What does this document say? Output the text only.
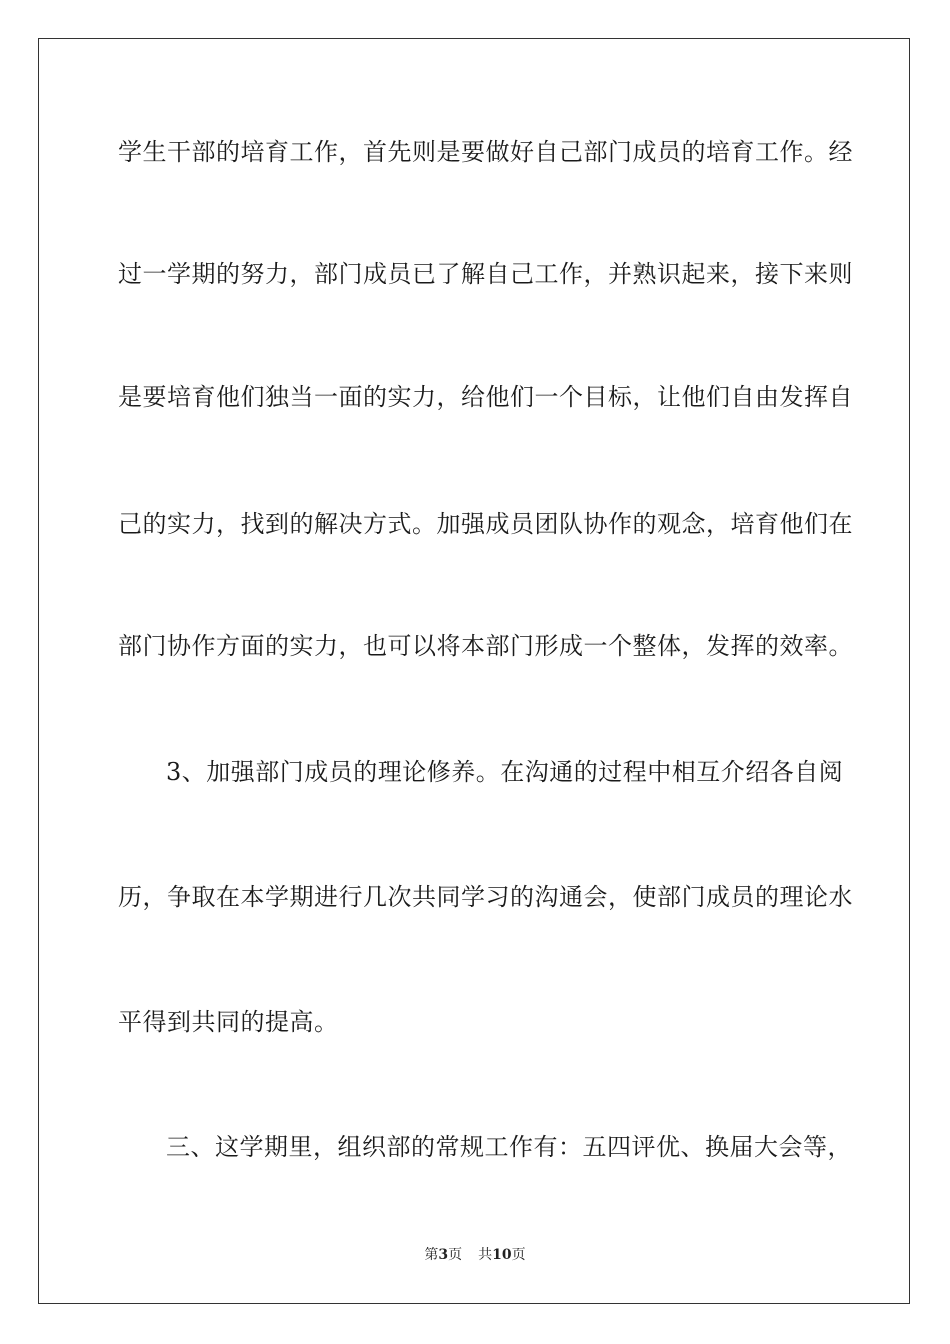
学生干部的培育工作，首先则是要做好自己部门成员的培育工作。经
过一学期的努力，部门成员已了解自己工作，并熟识起来，接下来则
是要培育他们独当一面的实力，给他们一个目标，让他们自由发挥自
己的实力，找到的解决方式。加强成员团队协作的观念，培育他们在
部门协作方面的实力，也可以将本部门形成一个整体，发挥的效率。
3、加强部门成员的理论修养。在沟通的过程中相互介绍各自阅
历，争取在本学期进行几次共同学习的沟通会，使部门成员的理论水
平得到共同的提高。
三、这学期里，组织部的常规工作有：五四评优、换届大会等，
第3页 共10页
